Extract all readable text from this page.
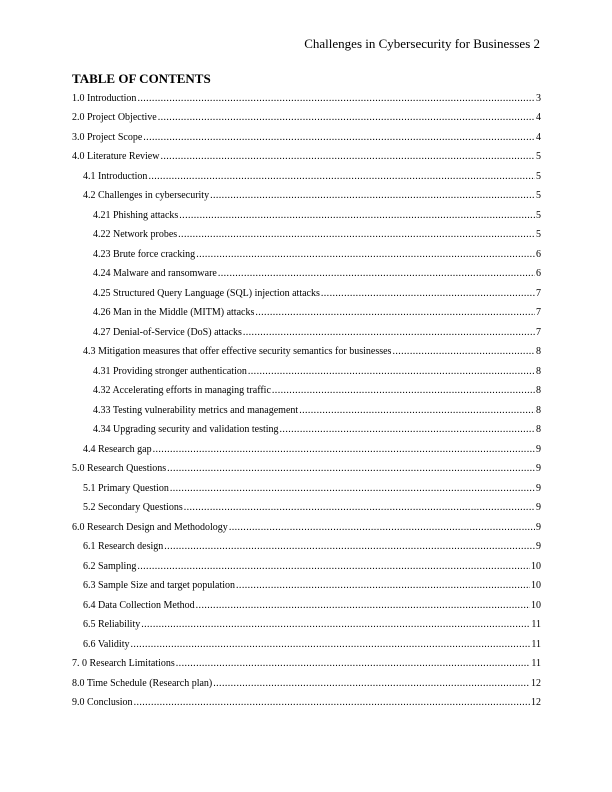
Challenges in Cybersecurity for Businesses 2
TABLE OF CONTENTS
1.0 Introduction .....	3
2.0 Project Objective .....	4
3.0 Project Scope .....	4
4.0 Literature Review .....	5
4.1 Introduction .....	5
4.2 Challenges in cybersecurity .....	5
4.21 Phishing attacks .....	5
4.22 Network probes .....	5
4.23 Brute force cracking .....	6
4.24 Malware and ransomware .....	6
4.25 Structured Query Language (SQL) injection attacks .....	7
4.26 Man in the Middle (MITM) attacks .....	7
4.27 Denial-of-Service (DoS) attacks .....	7
4.3 Mitigation measures that offer effective security semantics for businesses .....	8
4.31 Providing stronger authentication .....	8
4.32 Accelerating efforts in managing traffic .....	8
4.33 Testing vulnerability metrics and management .....	8
4.34 Upgrading security and validation testing .....	8
4.4 Research gap .....	9
5.0 Research Questions .....	9
5.1 Primary Question .....	9
5.2 Secondary Questions .....	9
6.0 Research Design and Methodology .....	9
6.1 Research design .....	9
6.2 Sampling .....	10
6.3 Sample Size and target population .....	10
6.4 Data Collection Method .....	10
6.5 Reliability .....	11
6.6 Validity .....	11
7. 0 Research Limitations .....	11
8.0 Time Schedule (Research plan) .....	12
9.0 Conclusion .....	12
